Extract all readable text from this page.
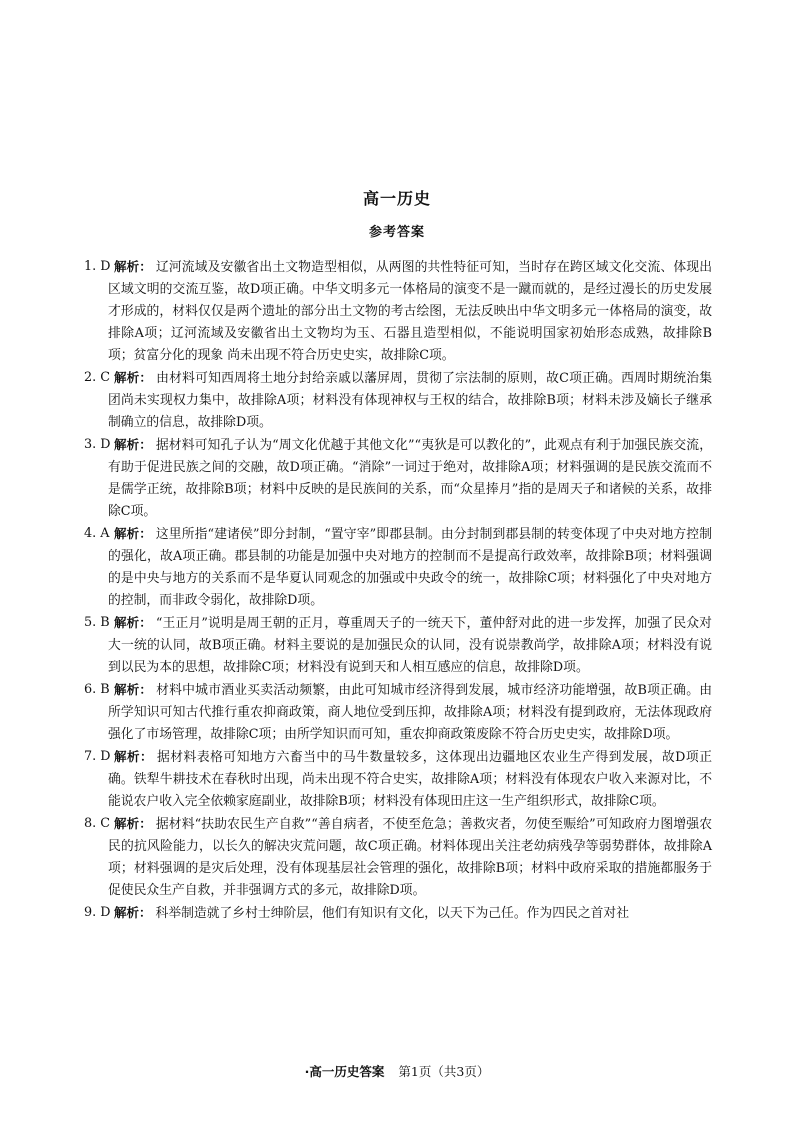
高一历史
参考答案
1. D 解析： 辽河流域及安徽省出土文物造型相似，从两图的共性特征可知，当时存在跨区域文化交流、体现出区域文明的交流互鉴，故D项正确。中华文明多元一体格局的演变不是一蹴而就的，是经过漫长的历史发展才形成的，材料仅仅是两个遗址的部分出土文物的考古绘图，无法反映出中华文明多元一体格局的演变，故排除A项；辽河流域及安徽省出土文物均为玉、石器且造型相似，不能说明国家初始形态成熟，故排除B项；贫富分化的现象 尚未出现不符合历史史实，故排除C项。
2. C 解析： 由材料可知西周将土地分封给亲戚以藩屏周，贯彻了宗法制的原则，故C项正确。西周时期统治集团尚未实现权力集中，故排除A项；材料没有体现神权与王权的结合，故排除B项；材料未涉及嫡长子继承制确立的信息，故排除D项。
3. D 解析： 据材料可知孔子认为“周文化优越于其他文化”“夷狄是可以教化的”，此观点有利于加强民族交流，有助于促进民族之间的交融，故D项正确。“消除”一词过于绝对，故排除A项；材料强调的是民族交流而不是儒学正统，故排除B项；材料中反映的是民族间的关系，而“众星捧月”指的是周天子和诸候的关系，故排除C项。
4. A 解析： 这里所指“建诸侯”即分封制，“置守宰”即郡县制。由分封制到郡县制的转变体现了中央对地方控制的强化，故A项正确。郡县制的功能是加强中央对地方的控制而不是提高行政效率，故排除B项；材料强调的是中央与地方的关系而不是华夏认同观念的加强或中央政令的统一，故排除C项；材料强化了中央对地方的控制，而非政令弱化，故排除D项。
5. B 解析： “王正月”说明是周王朝的正月，尊重周天子的一统天下，董仲舒对此的进一步发挥，加强了民众对大一统的认同，故B项正确。材料主要说的是加强民众的认同，没有说崇教尚学，故排除A项；材料没有说到以民为本的思想，故排除C项；材料没有说到天和人相互感应的信息，故排除D项。
6. B 解析： 材料中城市酒业买卖活动频繁，由此可知城市经济得到发展，城市经济功能增强，故B项正确。由所学知识可知古代推行重农抑商政策，商人地位受到压抑，故排除A项；材料没有提到政府，无法体现政府强化了市场管理，故排除C项；由所学知识而可知，重农抑商政策废除不符合历史史实，故排除D项。
7. D 解析： 据材料表格可知地方六畜当中的马牛数量较多，这体现出边疆地区农业生产得到发展，故D项正确。铁犁牛耕技术在春秋时出现，尚未出现不符合史实，故排除A项；材料没有体现农户收入来源对比，不能说农户收入完全依赖家庭副业，故排除B项；材料没有体现田庄这一生产组织形式，故排除C项。
8. C 解析： 据材料“扶助农民生产自救”“善自病者，不使至危急；善救灾者，勿使至赈给”可知政府力图增强农民的抗风险能力，以长久的解决灾荒问题，故C项正确。材料体现出关注老幼病残孕等弱势群体，故排除A项；材料强调的是灾后处理，没有体现基层社会管理的强化，故排除B项；材料中政府采取的措施都服务于促使民众生产自救，并非强调方式的多元，故排除D项。
9. D 解析： 科举制造就了乡村士绅阶层，他们有知识有文化，以天下为己任。作为四民之首对社
·高一历史答案 第1页（共3页）
